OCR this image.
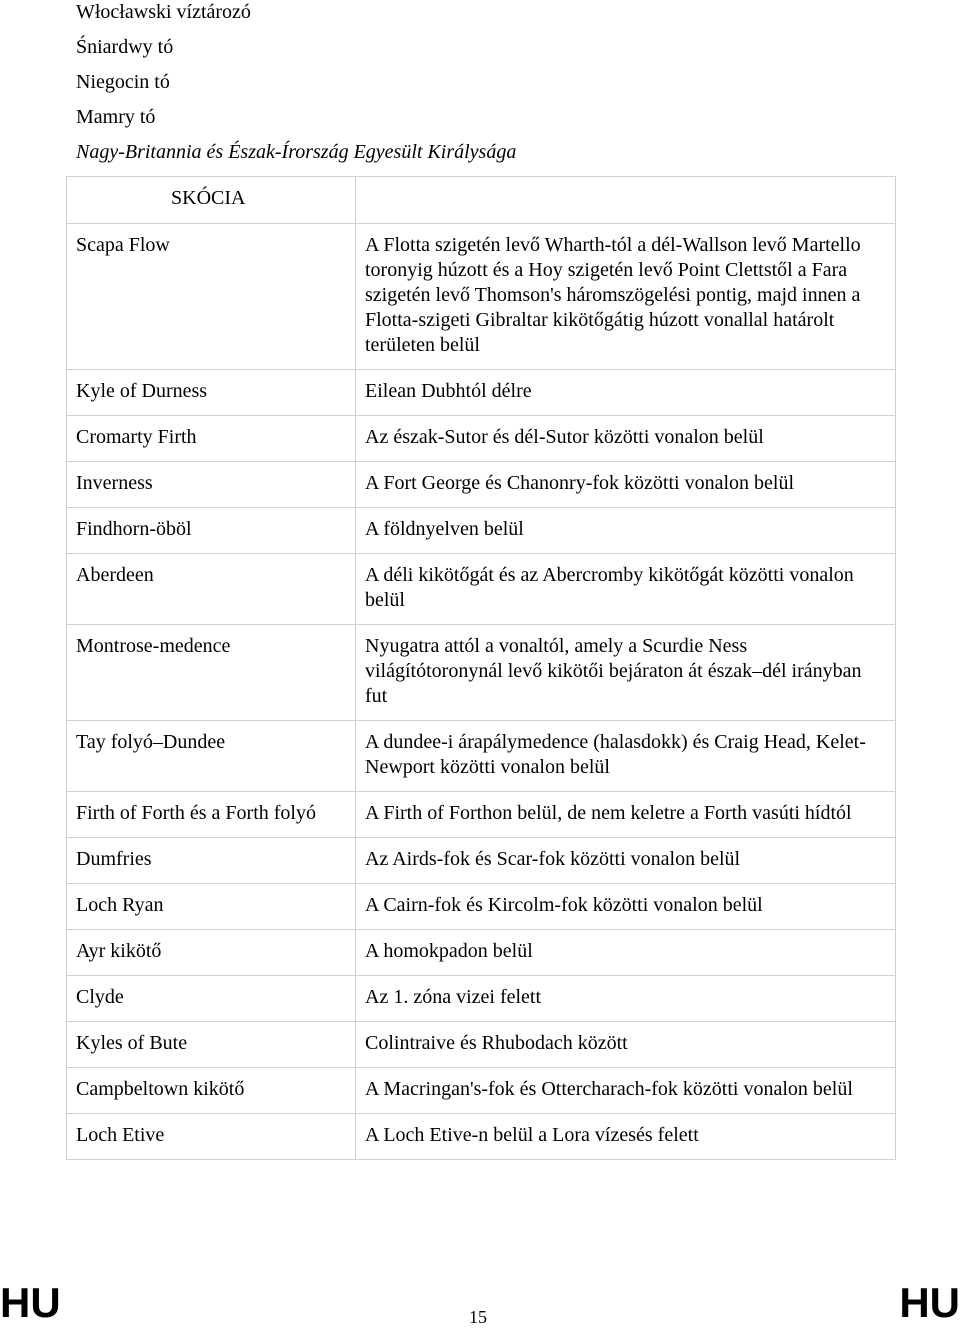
Włocławski víztározó
Śniardwy tó
Niegocin tó
Mamry tó
Nagy-Britannia és Észak-Írország Egyesült Királysága
SKÓCIA	
Scapa Flow	A Flotta szigetén levő Wharth-tól a dél-Wallson levő Martello toronyig húzott és a Hoy szigetén levő Point Clettstől a Fara szigetén levő Thomson's háromszögelési pontig, majd innen a Flotta-szigeti Gibraltar kikötőgátig húzott vonallal határolt területen belül
Kyle of Durness	Eilean Dubhtól délre
Cromarty Firth	Az észak-Sutor és dél-Sutor közötti vonalon belül
Inverness	A Fort George és Chanonry-fok közötti vonalon belül
Findhorn-öböl	A földnyelven belül
Aberdeen	A déli kikötőgát és az Abercromby kikötőgát közötti vonalon belül
Montrose-medence	Nyugatra attól a vonaltól, amely a Scurdie Ness világítótoronynál levő kikötői bejáraton át észak–dél irányban fut
Tay folyó–Dundee	A dundee-i árapálymedence (halasdokk) és Craig Head, Kelet-Newport közötti vonalon belül
Firth of Forth és a Forth folyó	A Firth of Forthon belül, de nem keletre a Forth vasúti hídtól
Dumfries	Az Airds-fok és Scar-fok közötti vonalon belül
Loch Ryan	A Cairn-fok és Kircolm-fok közötti vonalon belül
Ayr kikötő	A homokpadon belül
Clyde	Az 1. zóna vizei felett
Kyles of Bute	Colintraive és Rhubodach között
Campbeltown kikötő	A Macringan's-fok és Ottercharach-fok közötti vonalon belül
Loch Etive	A Loch Etive-n belül a Lora vízesés felett
HU	15	HU
